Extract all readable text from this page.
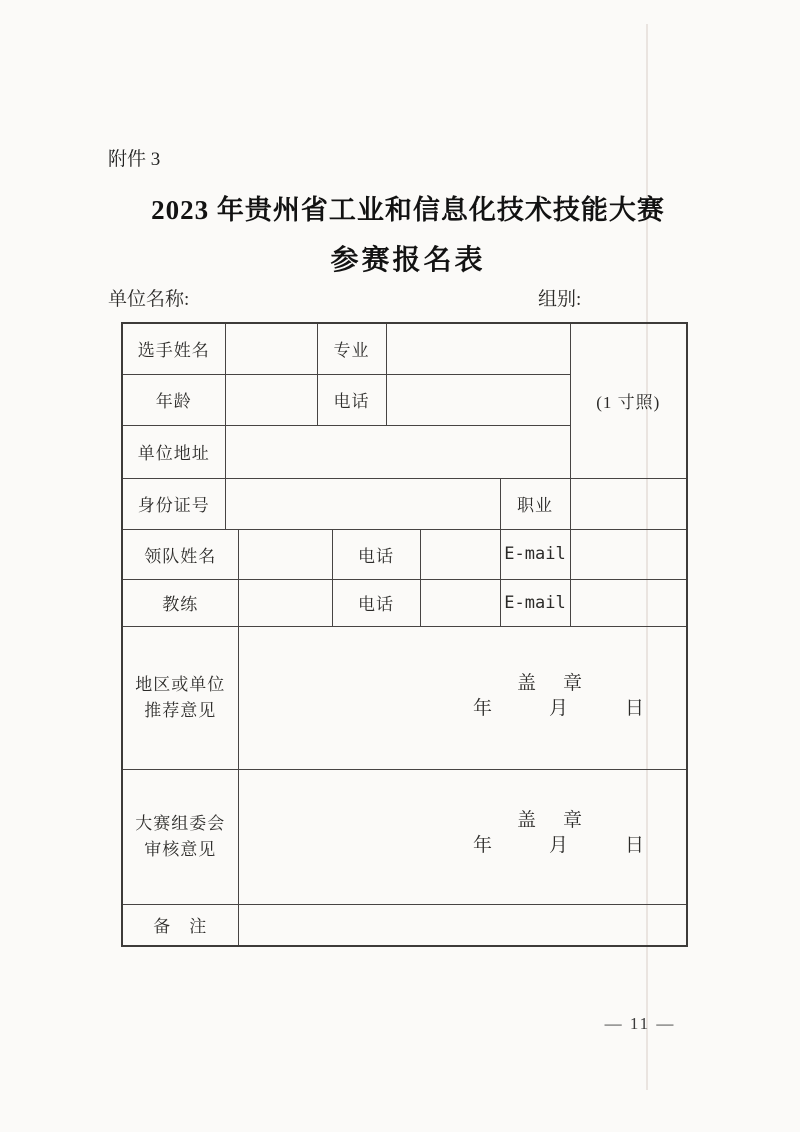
附件 3
2023 年贵州省工业和信息化技术技能大赛
参赛报名表
单位名称:	组别:
选手姓名			专业					(1 寸照)
年龄			电话					
单位地址								
身份证号							职业	
领队姓名				电话			E-mail	
教练				电话			E-mail	

地区或单位
推荐意见

盖　章
年　　　月　　　日

大赛组委会
审核意见

盖　章
年　　　月　　　日

备　注								
— 11 —
